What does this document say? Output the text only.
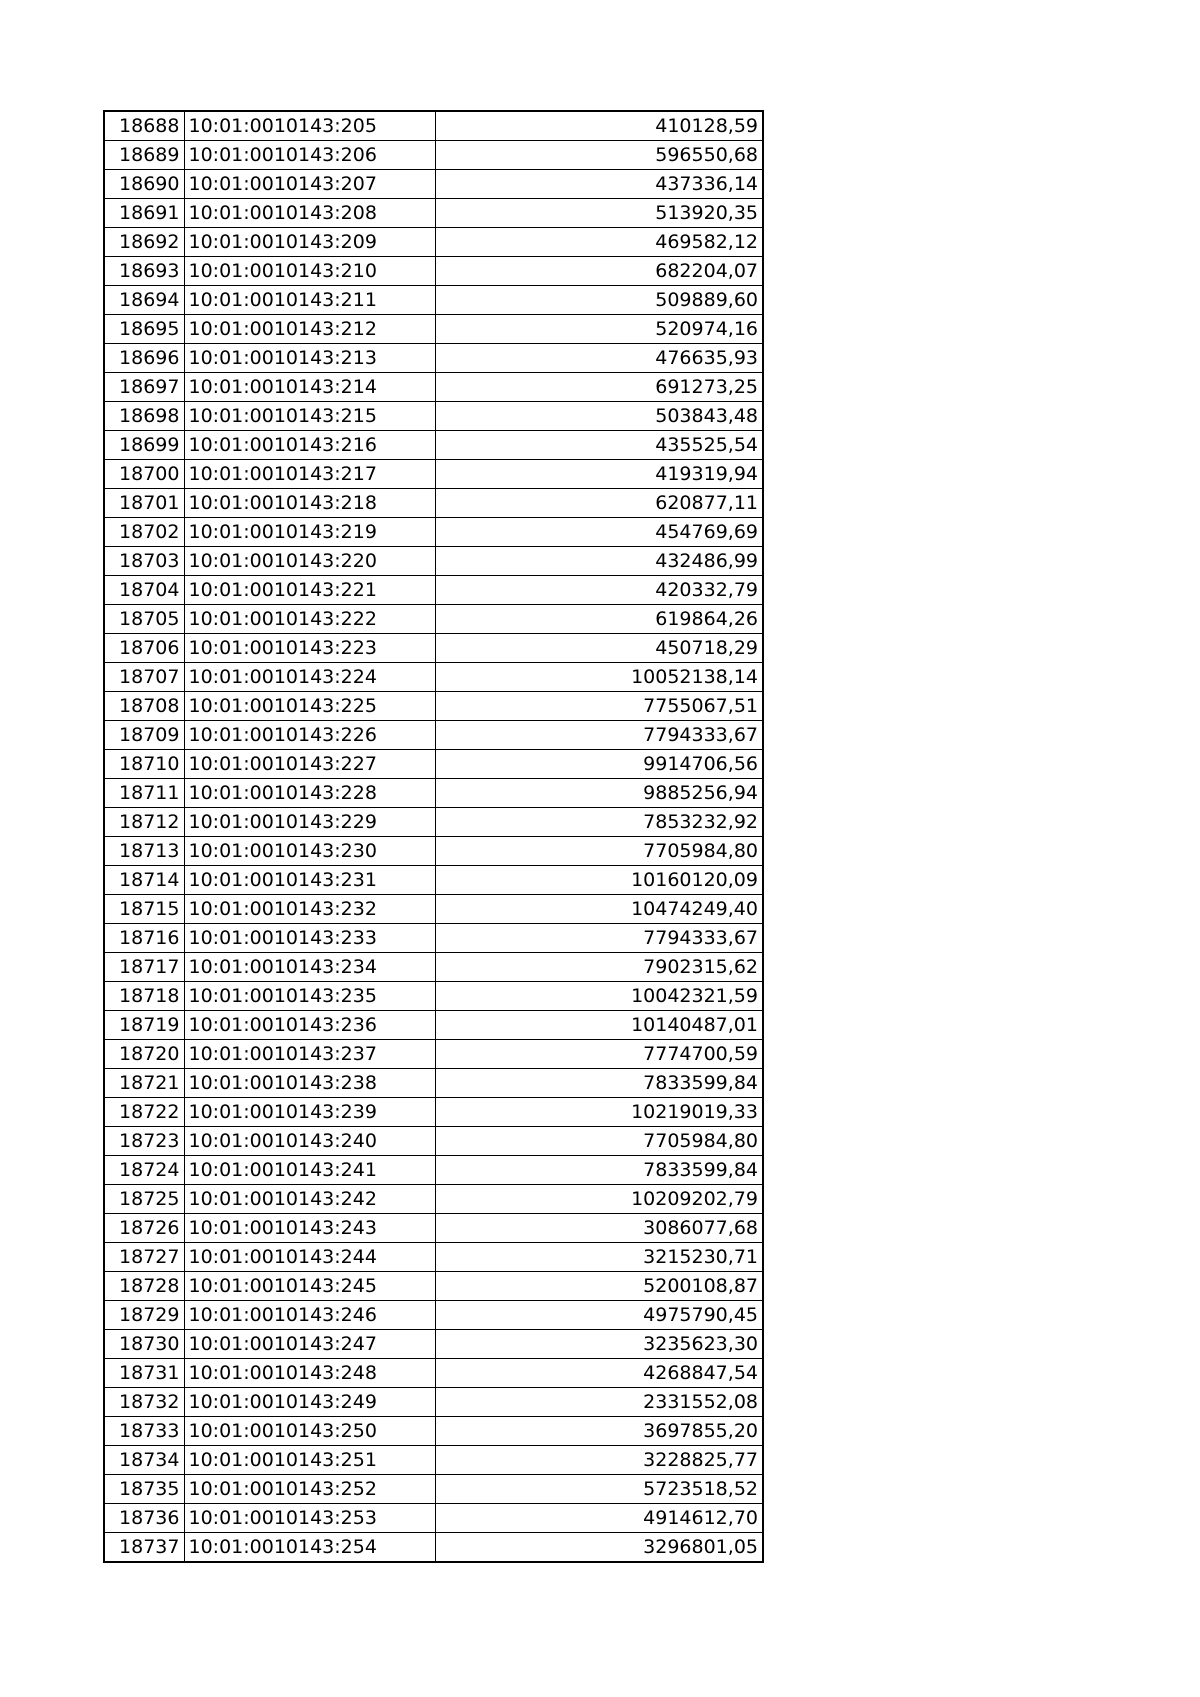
18688	10:01:0010143:205	410128,59
18689	10:01:0010143:206	596550,68
18690	10:01:0010143:207	437336,14
18691	10:01:0010143:208	513920,35
18692	10:01:0010143:209	469582,12
18693	10:01:0010143:210	682204,07
18694	10:01:0010143:211	509889,60
18695	10:01:0010143:212	520974,16
18696	10:01:0010143:213	476635,93
18697	10:01:0010143:214	691273,25
18698	10:01:0010143:215	503843,48
18699	10:01:0010143:216	435525,54
18700	10:01:0010143:217	419319,94
18701	10:01:0010143:218	620877,11
18702	10:01:0010143:219	454769,69
18703	10:01:0010143:220	432486,99
18704	10:01:0010143:221	420332,79
18705	10:01:0010143:222	619864,26
18706	10:01:0010143:223	450718,29
18707	10:01:0010143:224	10052138,14
18708	10:01:0010143:225	7755067,51
18709	10:01:0010143:226	7794333,67
18710	10:01:0010143:227	9914706,56
18711	10:01:0010143:228	9885256,94
18712	10:01:0010143:229	7853232,92
18713	10:01:0010143:230	7705984,80
18714	10:01:0010143:231	10160120,09
18715	10:01:0010143:232	10474249,40
18716	10:01:0010143:233	7794333,67
18717	10:01:0010143:234	7902315,62
18718	10:01:0010143:235	10042321,59
18719	10:01:0010143:236	10140487,01
18720	10:01:0010143:237	7774700,59
18721	10:01:0010143:238	7833599,84
18722	10:01:0010143:239	10219019,33
18723	10:01:0010143:240	7705984,80
18724	10:01:0010143:241	7833599,84
18725	10:01:0010143:242	10209202,79
18726	10:01:0010143:243	3086077,68
18727	10:01:0010143:244	3215230,71
18728	10:01:0010143:245	5200108,87
18729	10:01:0010143:246	4975790,45
18730	10:01:0010143:247	3235623,30
18731	10:01:0010143:248	4268847,54
18732	10:01:0010143:249	2331552,08
18733	10:01:0010143:250	3697855,20
18734	10:01:0010143:251	3228825,77
18735	10:01:0010143:252	5723518,52
18736	10:01:0010143:253	4914612,70
18737	10:01:0010143:254	3296801,05
